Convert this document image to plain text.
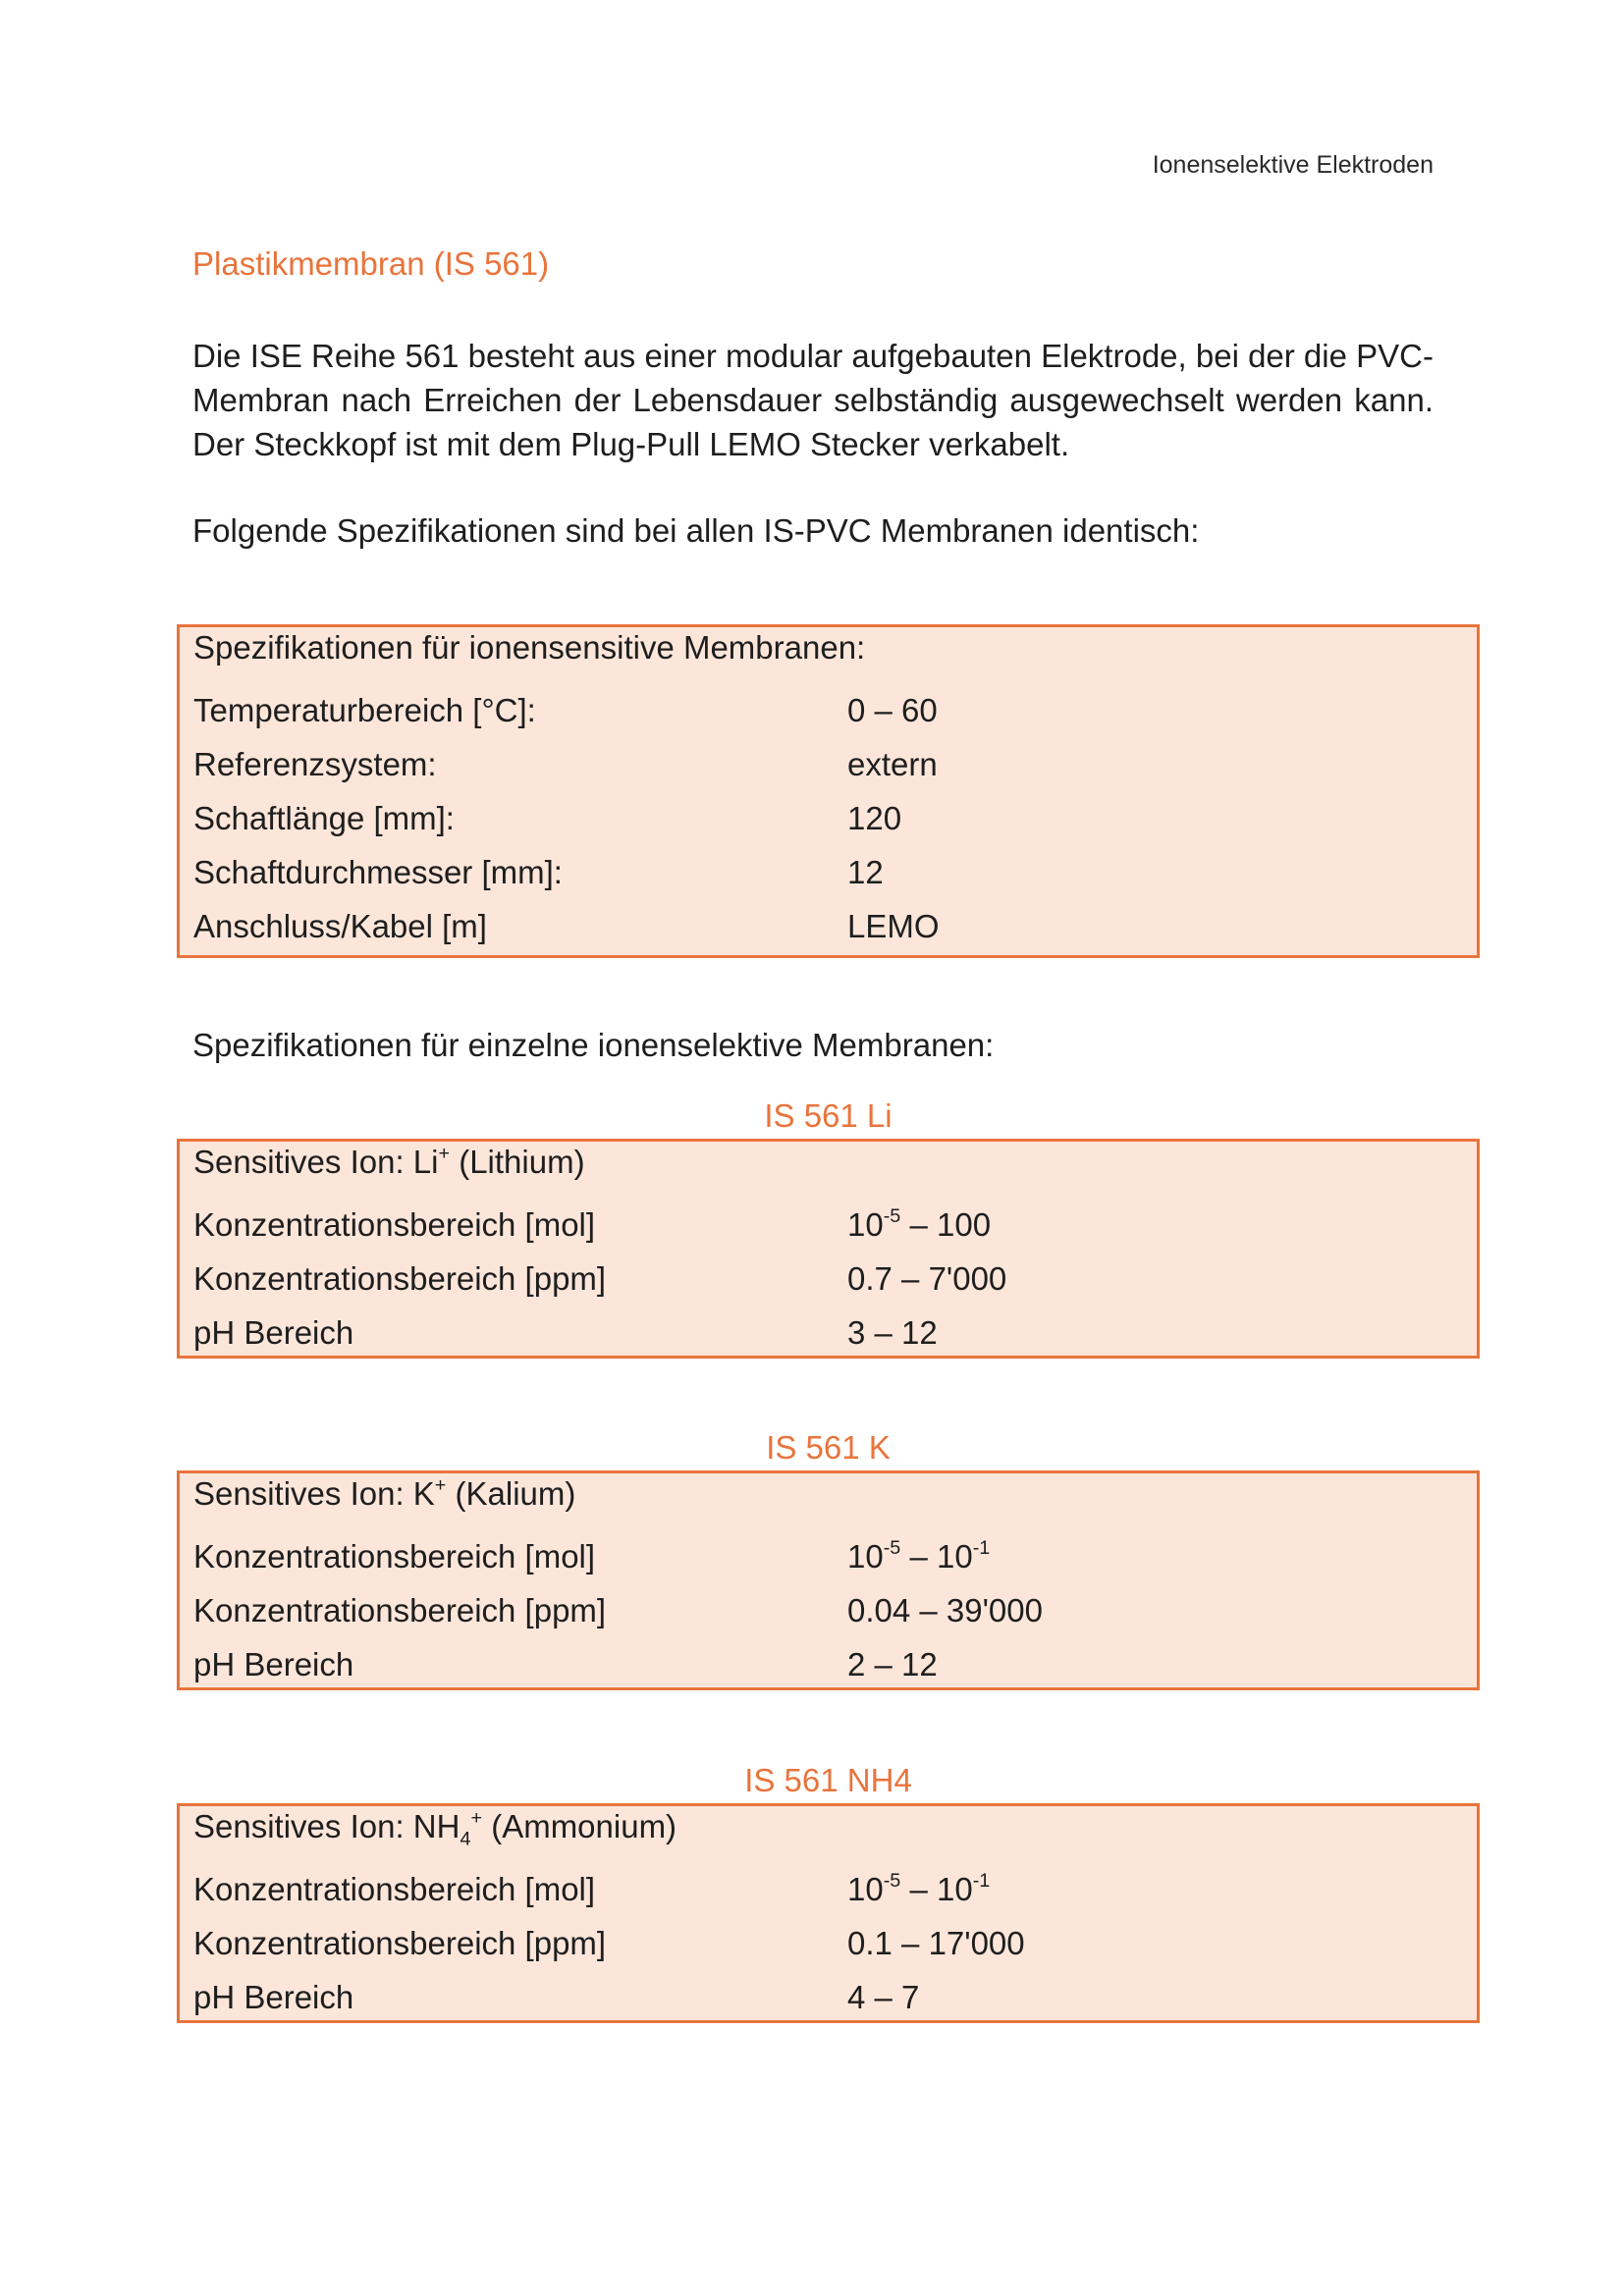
Ionenselektive Elektroden
Plastikmembran (IS 561)
Die ISE Reihe 561 besteht aus einer modular aufgebauten Elektrode, bei der die PVC-Membran nach Erreichen der Lebensdauer selbständig ausgewechselt werden kann. Der Steckkopf ist mit dem Plug-Pull LEMO Stecker verkabelt.
Folgende Spezifikationen sind bei allen IS-PVC Membranen identisch:
Spezifikationen für ionensensitive Membranen:
Temperaturbereich [°C]:	0 – 60
Referenzsystem:	extern
Schaftlänge [mm]:	120
Schaftdurchmesser [mm]:	12
Anschluss/Kabel [m]	LEMO
Spezifikationen für einzelne ionenselektive Membranen:
IS 561 Li
Sensitives Ion: Li+ (Lithium)
Konzentrationsbereich [mol]	$10^{-5} - 100$
Konzentrationsbereich [ppm]	0.7 – 7'000
pH Bereich	3 – 12
IS 561 K
Sensitives Ion: K+ (Kalium)
Konzentrationsbereich [mol]	$10^{-5} - 10^{-1}$
Konzentrationsbereich [ppm]	0.04 – 39'000
pH Bereich	2 – 12
IS 561 NH4
Sensitives Ion: $NH_4^+$ (Ammonium)
Konzentrationsbereich [mol]	$10^{-5} - 10^{-1}$
Konzentrationsbereich [ppm]	0.1 – 17'000
pH Bereich	4 – 7
